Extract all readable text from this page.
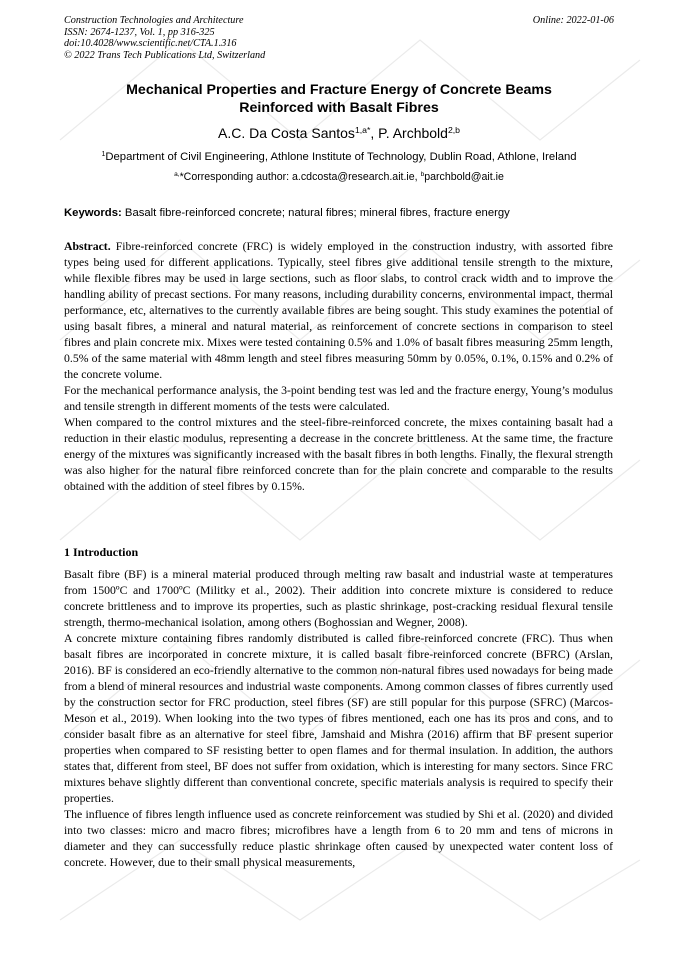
Construction Technologies and Architecture
ISSN: 2674-1237, Vol. 1, pp 316-325
doi:10.4028/www.scientific.net/CTA.1.316
© 2022 Trans Tech Publications Ltd, Switzerland
Online: 2022-01-06
Mechanical Properties and Fracture Energy of Concrete Beams
Reinforced with Basalt Fibres
A.C. Da Costa Santos$^{1,a*}$, P. Archbold$^{2,b}$
$^1$Department of Civil Engineering, Athlone Institute of Technology, Dublin Road, Athlone, Ireland
$^{a,}$*Corresponding author: a.cdcosta@research.ait.ie, $^b$parchbold@ait.ie
Keywords: Basalt fibre-reinforced concrete; natural fibres; mineral fibres, fracture energy

Abstract. Fibre-reinforced concrete (FRC) is widely employed in the construction industry, with assorted fibre types being used for different applications. Typically, steel fibres give additional tensile strength to the mixture, while flexible fibres may be used in large sections, such as floor slabs, to control crack width and to improve the handling ability of precast sections. For many reasons, including durability concerns, environmental impact, thermal performance, etc, alternatives to the currently available fibres are being sought. This study examines the potential of using basalt fibres, a mineral and natural material, as reinforcement of concrete sections in comparison to steel fibres and plain concrete mix. Mixes were tested containing 0.5% and 1.0% of basalt fibres measuring 25mm length, 0.5% of the same material with 48mm length and steel fibres measuring 50mm by 0.05%, 0.1%, 0.15% and 0.2% of the concrete volume.

For the mechanical performance analysis, the 3-point bending test was led and the fracture energy, Young’s modulus and tensile strength in different moments of the tests were calculated.

When compared to the control mixtures and the steel-fibre-reinforced concrete, the mixes containing basalt had a reduction in their elastic modulus, representing a decrease in the concrete brittleness. At the same time, the fracture energy of the mixtures was significantly increased with the basalt fibres in both lengths. Finally, the flexural strength was also higher for the natural fibre reinforced concrete than for the plain concrete and comparable to the results obtained with the addition of steel fibres by 0.15%.

1 Introduction

Basalt fibre (BF) is a mineral material produced through melting raw basalt and industrial waste at temperatures from 1500ºC and 1700ºC (Militky et al., 2002). Their addition into concrete mixture is considered to reduce concrete brittleness and to improve its properties, such as plastic shrinkage, post-cracking residual flexural tensile strength, thermo-mechanical isolation, among others (Boghossian and Wegner, 2008).

A concrete mixture containing fibres randomly distributed is called fibre-reinforced concrete (FRC). Thus when basalt fibres are incorporated in concrete mixture, it is called basalt fibre-reinforced concrete (BFRC) (Arslan, 2016). BF is considered an eco-friendly alternative to the common non-natural fibres used nowadays for being made from a blend of mineral resources and industrial waste components. Among common classes of fibres currently used by the construction sector for FRC production, steel fibres (SF) are still popular for this purpose (SFRC) (Marcos-Meson et al., 2019). When looking into the two types of fibres mentioned, each one has its pros and cons, and to consider basalt fibre as an alternative for steel fibre, Jamshaid and Mishra (2016) affirm that BF present superior properties when compared to SF resisting better to open flames and for thermal insulation. In addition, the authors states that, different from steel, BF does not suffer from oxidation, which is interesting for many sectors. Since FRC mixtures behave slightly different than conventional concrete, specific materials analysis is required to specify their properties.

The influence of fibres length influence used as concrete reinforcement was studied by Shi et al. (2020) and divided into two classes: micro and macro fibres; microfibres have a length from 6 to 20 mm and tens of microns in diameter and they can successfully reduce plastic shrinkage often caused by unexpected water content loss of concrete. However, due to their small physical measurements,
